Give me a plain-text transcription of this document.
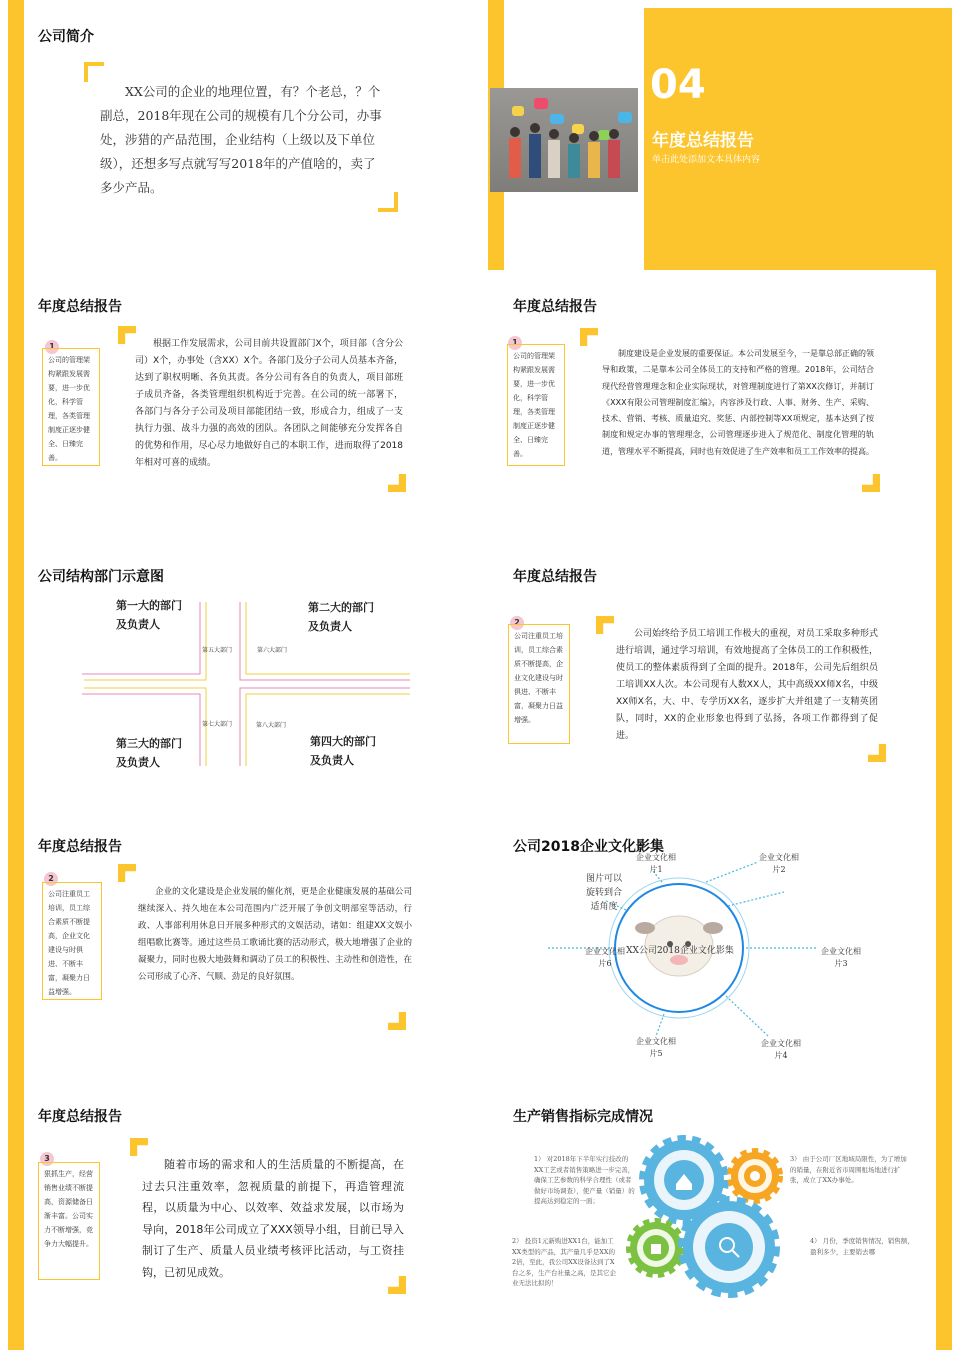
公司简介
XX公司的企业的地理位置，有？个老总，？个副总，2018年现在公司的规模有几个分公司，办事处，涉猎的产品范围，企业结构（上级以及下单位级），还想多写点就写写2018年的产值啥的，卖了多少产品。
04
年度总结报告
单击此处添加文本具体内容
年度总结报告
1
公司的管理架构紧跟发展需要，进一步优化，科学管理，各类管理制度正逐步健全、日臻完善。
根据工作发展需求，公司目前共设置部门X个，项目部（含分公司）X个，办事处（含XX）X个。各部门及分子公司人员基本齐备，达到了职权明晰、各负其责。各分公司有各自的负责人，项目部班子成员齐备，各类管理组织机构近于完善。在公司的统一部署下，各部门与各分子公司及项目部能团结一致，形成合力，组成了一支执行力强、战斗力强的高效的团队。各团队之间能够充分发挥各自的优势和作用，尽心尽力地做好自己的本职工作，进而取得了2018年相对可喜的成绩。
年度总结报告
1
公司的管理架构紧跟发展需要，进一步优化，科学管理，各类管理制度正逐步健全、日臻完善。
制度建设是企业发展的重要保证。本公司发展至今，一是靠总部正确的领导和政策，二是靠本公司全体员工的支持和严格的管理。2018年，公司结合现代经营管理理念和企业实际现状，对管理制度进行了第XX次修订，并制订《XXX有限公司管理制度汇编》，内容涉及行政、人事、财务、生产、采购、技术、营销、考核、质量追究、奖惩、内部控制等XX项规定，基本达到了按制度和规定办事的管理理念，公司管理逐步进入了规范化、制度化管理的轨道，管理水平不断提高，同时也有效促进了生产效率和员工工作效率的提高。
公司结构部门示意图
第一大的部门及负责人
第二大的部门及负责人
第三大的部门及负责人
第四大的部门及负责人
第五大部门	第六大部门
第七大部门	第八大部门
年度总结报告
2
公司注重员工培训，员工综合素质不断提高，企业文化建设与时俱进、不断丰富，凝聚力日益增强。
公司始终给予员工培训工作极大的重视，对员工采取多种形式进行培训，通过学习培训，有效地提高了全体员工的工作积极性，使员工的整体素质得到了全面的提升。2018年，公司先后组织员工培训XX人次。本公司现有人数XX人，其中高级XX师X名，中级XX师X名，大、中、专学历XX名，逐步扩大并组建了一支精英团队，同时，XX的企业形象也得到了弘扬，各项工作都得到了促进。
年度总结报告
2
公司注重员工培训，员工综合素质不断提高，企业文化建设与时俱进、不断丰富，凝聚力日益增强。
企业的文化建设是企业发展的催化剂，更是企业健康发展的基础公司继续深入、持久地在本公司范围内广泛开展了争创文明部室等活动，行政、人事部利用休息日开展多种形式的文娱活动，诸如：组建XX文娱小组唱歌比赛等。通过这些员工歌诵比赛的活动形式，极大地增强了企业的凝聚力，同时也极大地鼓舞和调动了员工的积极性、主动性和创造性，在公司形成了心齐、气顺、劲足的良好氛围。
公司2018企业文化影集
XX公司2018企业文化影集
图片可以旋转到合适角度
企业文化相片1
企业文化相片2
企业文化相片3
企业文化相片4
企业文化相片5
企业文化相片6
年度总结报告
3
狠抓生产，经营销售业绩不断提高，资源储备日渐丰富。公司实力不断增强，竞争力大幅提升。
随着市场的需求和人的生活质量的不断提高，在过去只注重效率，忽视质量的前提下，再造管理流程，以质量为中心、以效率、效益求发展，以市场为导向，2018年公司成立了XXX领导小组，目前已导入制订了生产、质量人员业绩考核评比活动，与工资挂钩，已初见成效。
生产销售指标完成情况
1） 对2018年下半年实行技改的XX工艺或者销售策略进一步完善，确保工艺参数的科学合理性（或者做好市场调查），使产量（销量）的提高达到稳定的一面；
2） 投资1元新购进XX1台，能加工XX类型的产品，其产量几乎是XX的2倍，至此，我公司XX设备达到了X台之多，生产台社量之高，是其它企业无法比拟的！
3） 由于公司厂区地域局限性，为了增加的销量，在附近省市周围租场地进行扩张，成立了XX办事处。
4） 月份，季度销售情况，销售额，盈利多少，主要销去哪
